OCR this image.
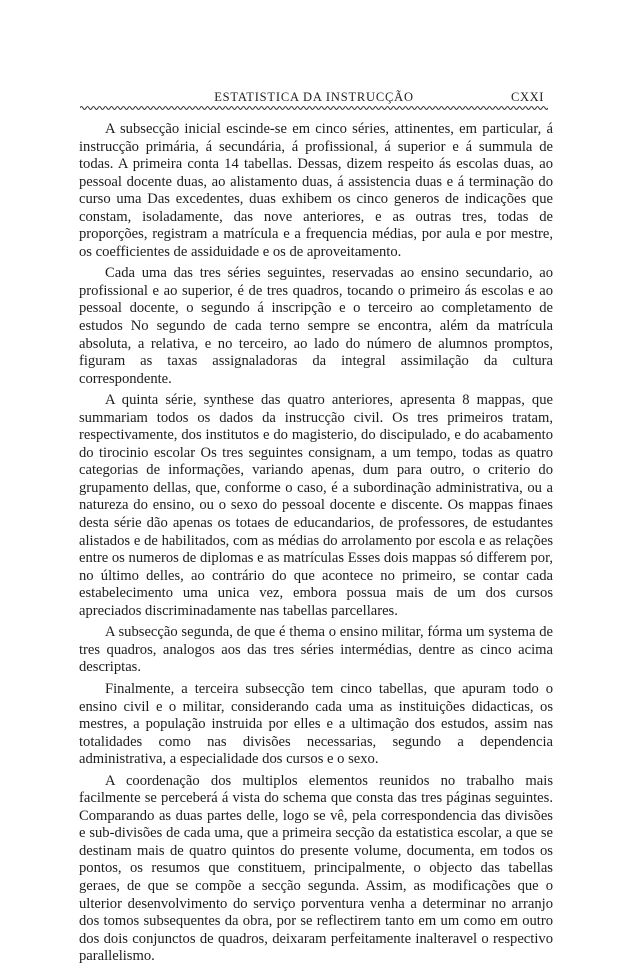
ESTATISTICA DA INSTRUCÇÃO	CXXI

A subsecção inicial escinde-se em cinco séries, attinentes, em particular, á instrucção primária, á secundária, á profissional, á superior e á summula de todas. A primeira conta 14 tabellas. Dessas, dizem respeito ás escolas duas, ao pessoal docente duas, ao alistamento duas, á assistencia duas e á terminação do curso uma Das excedentes, duas exhibem os cinco generos de indicações que constam, isoladamente, das nove anteriores, e as outras tres, todas de proporções, registram a matrícula e a frequencia médias, por aula e por mestre, os coefficientes de assiduidade e os de aproveitamento.

Cada uma das tres séries seguintes, reservadas ao ensino secundario, ao profissional e ao superior, é de tres quadros, tocando o primeiro ás escolas e ao pessoal docente, o segundo á inscripção e o terceiro ao completamento de estudos No segundo de cada terno sempre se encontra, além da matrícula absoluta, a relativa, e no terceiro, ao lado do número de alumnos promptos, figuram as taxas assignaladoras da integral assimilação da cultura correspondente.

A quinta série, synthese das quatro anteriores, apresenta 8 mappas, que summariam todos os dados da instrucção civil. Os tres primeiros tratam, respectivamente, dos institutos e do magisterio, do discipulado, e do acabamento do tirocinio escolar Os tres seguintes consignam, a um tempo, todas as quatro categorias de informações, variando apenas, dum para outro, o criterio do grupamento dellas, que, conforme o caso, é a subordinação administrativa, ou a natureza do ensino, ou o sexo do pessoal docente e discente. Os mappas finaes desta série dão apenas os totaes de educandarios, de professores, de estudantes alistados e de habilitados, com as médias do arrolamento por escola e as relações entre os numeros de diplomas e as matrículas Esses dois mappas só differem por, no último delles, ao contrário do que acontece no primeiro, se contar cada estabelecimento uma unica vez, embora possua mais de um dos cursos apreciados discriminadamente nas tabellas parcellares.

A subsecção segunda, de que é thema o ensino militar, fórma um systema de tres quadros, analogos aos das tres séries intermédias, dentre as cinco acima descriptas.

Finalmente, a terceira subsecção tem cinco tabellas, que apuram todo o ensino civil e o militar, considerando cada uma as instituições didacticas, os mestres, a população instruida por elles e a ultimação dos estudos, assim nas totalidades como nas divisões necessarias, segundo a dependencia administrativa, a especialidade dos cursos e o sexo.

A coordenação dos multiplos elementos reunidos no trabalho mais facilmente se perceberá á vista do schema que consta das tres páginas seguintes. Comparando as duas partes delle, logo se vê, pela correspondencia das divisões e sub-divisões de cada uma, que a primeira secção da estatistica escolar, a que se destinam mais de quatro quintos do presente volume, documenta, em todos os pontos, os resumos que constituem, principalmente, o objecto das tabellas geraes, de que se compõe a secção segunda. Assim, as modificações que o ulterior desenvolvimento do serviço porventura venha a determinar no arranjo dos tomos subsequentes da obra, por se reflectirem tanto em um como em outro dos dois conjunctos de quadros, deixaram perfeitamente inalteravel o respectivo parallelismo.
